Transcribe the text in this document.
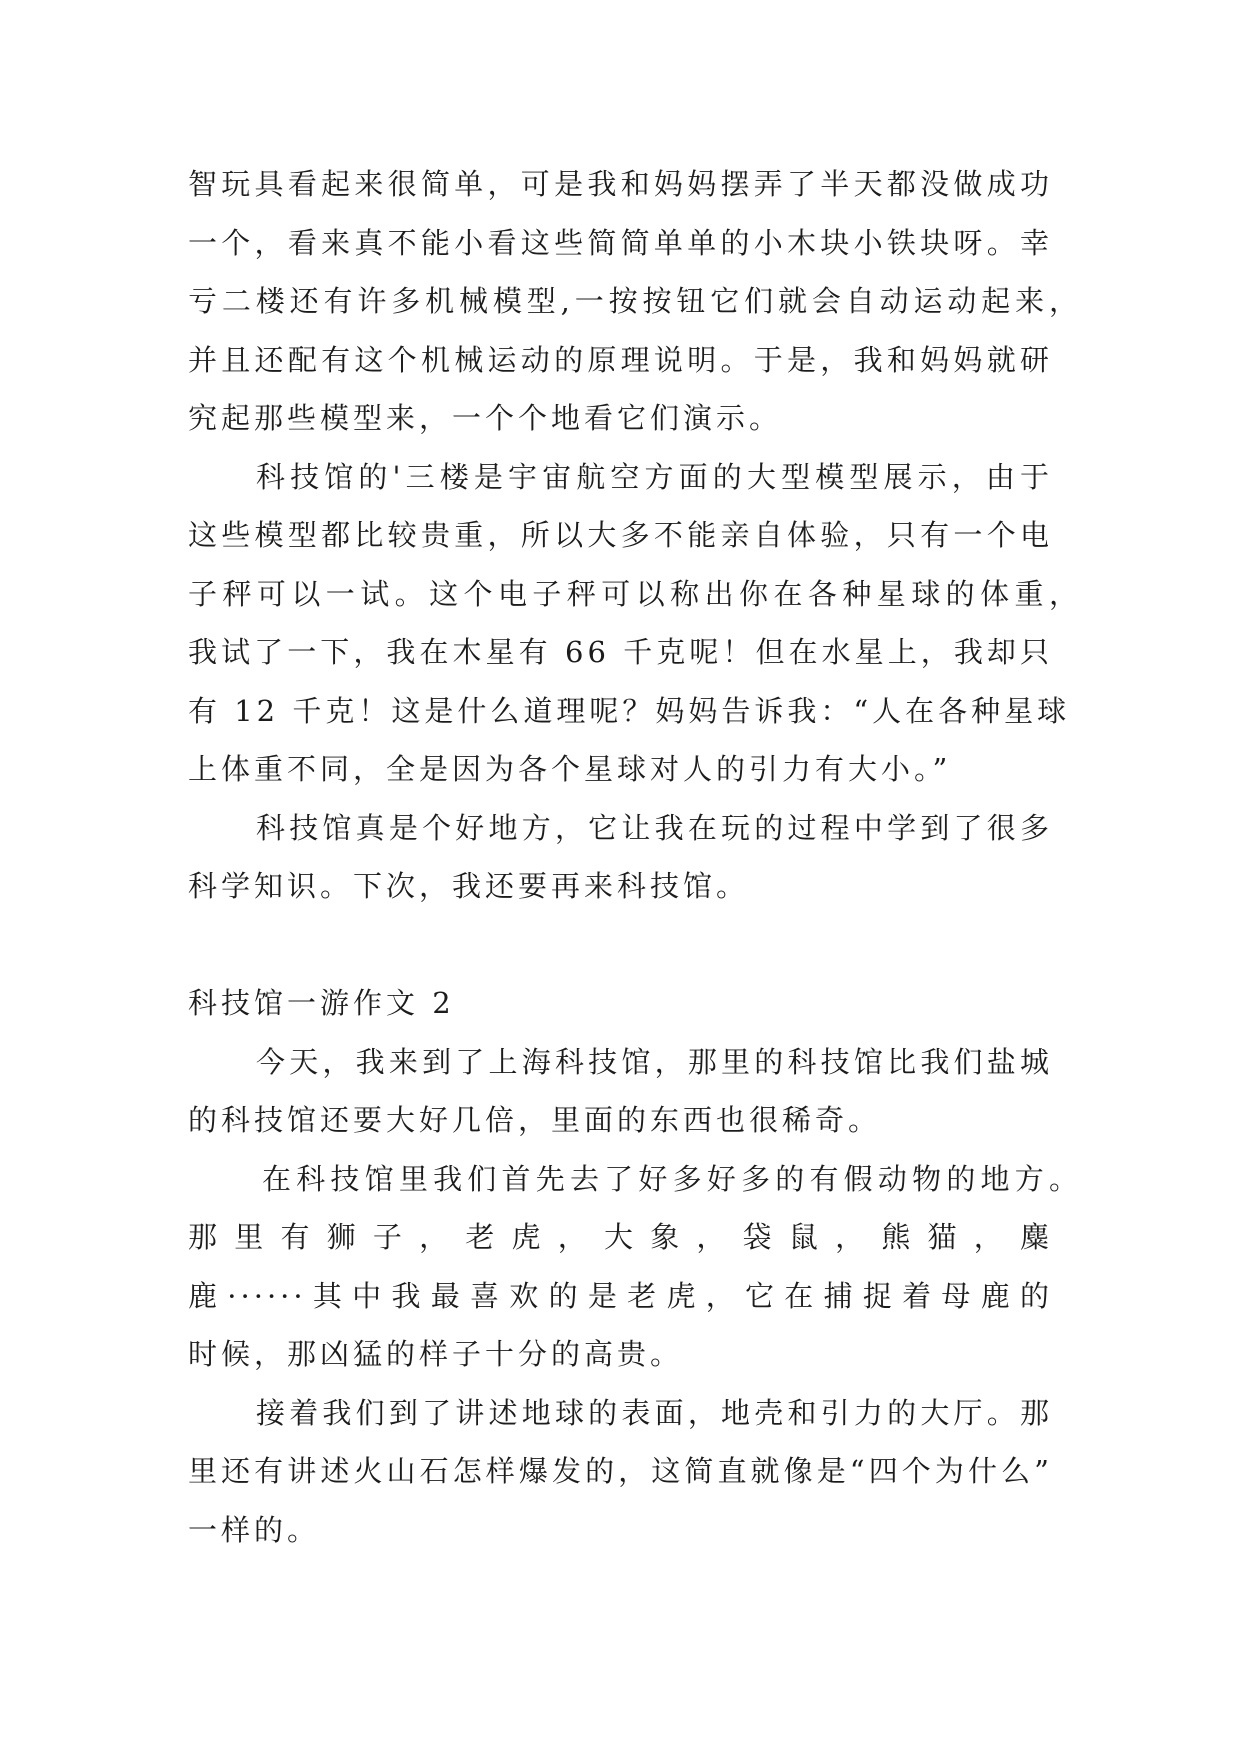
智玩具看起来很简单，可是我和妈妈摆弄了半天都没做成功
一个，看来真不能小看这些简简单单的小木块小铁块呀。幸
亏二楼还有许多机械模型,一按按钮它们就会自动运动起来，
并且还配有这个机械运动的原理说明。于是，我和妈妈就研
究起那些模型来，一个个地看它们演示。
科技馆的'三楼是宇宙航空方面的大型模型展示，由于
这些模型都比较贵重，所以大多不能亲自体验，只有一个电
子秤可以一试。这个电子秤可以称出你在各种星球的体重，
我试了一下，我在木星有 66 千克呢！但在水星上，我却只
有 12 千克！这是什么道理呢？妈妈告诉我：“人在各种星球
上体重不同，全是因为各个星球对人的引力有大小。”
科技馆真是个好地方，它让我在玩的过程中学到了很多
科学知识。下次，我还要再来科技馆。
科技馆一游作文 2
今天，我来到了上海科技馆，那里的科技馆比我们盐城
的科技馆还要大好几倍，里面的东西也很稀奇。
在科技馆里我们首先去了好多好多的有假动物的地方。
那里有狮子，老虎，大象，袋鼠，熊猫，麋
鹿······其中我最喜欢的是老虎，它在捕捉着母鹿的
时候，那凶猛的样子十分的高贵。
接着我们到了讲述地球的表面，地壳和引力的大厅。那
里还有讲述火山石怎样爆发的，这简直就像是“四个为什么”
一样的。
